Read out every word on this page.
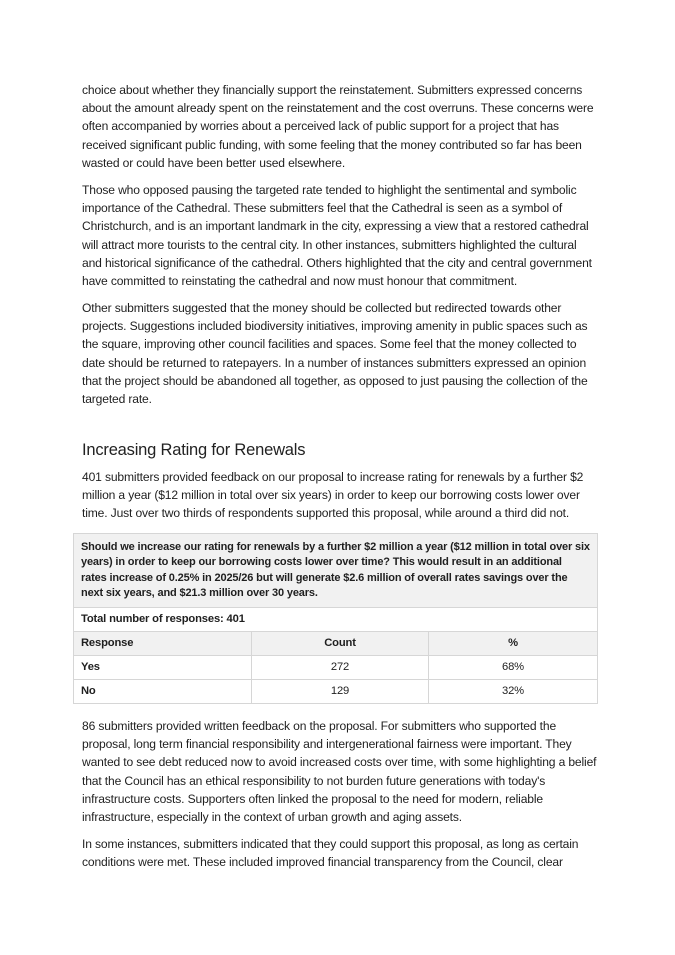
choice about whether they financially support the reinstatement. Submitters expressed concerns about the amount already spent on the reinstatement and the cost overruns. These concerns were often accompanied by worries about a perceived lack of public support for a project that has received significant public funding, with some feeling that the money contributed so far has been wasted or could have been better used elsewhere.

Those who opposed pausing the targeted rate tended to highlight the sentimental and symbolic importance of the Cathedral. These submitters feel that the Cathedral is seen as a symbol of Christchurch, and is an important landmark in the city, expressing a view that a restored cathedral will attract more tourists to the central city. In other instances, submitters highlighted the cultural and historical significance of the cathedral. Others highlighted that the city and central government have committed to reinstating the cathedral and now must honour that commitment.

Other submitters suggested that the money should be collected but redirected towards other projects. Suggestions included biodiversity initiatives, improving amenity in public spaces such as the square, improving other council facilities and spaces. Some feel that the money collected to date should be returned to ratepayers. In a number of instances submitters expressed an opinion that the project should be abandoned all together, as opposed to just pausing the collection of the targeted rate.

Increasing Rating for Renewals

401 submitters provided feedback on our proposal to increase rating for renewals by a further $2 million a year ($12 million in total over six years) in order to keep our borrowing costs lower over time. Just over two thirds of respondents supported this proposal, while around a third did not.

Should we increase our rating for renewals by a further $2 million a year ($12 million in total over six years) in order to keep our borrowing costs lower over time? This would result in an additional rates increase of 0.25% in 2025/26 but will generate $2.6 million of overall rates savings over the next six years, and $21.3 million over 30 years.		
Total number of responses: 401		
Response	Count	%
Yes	272	68%
No	129	32%

86 submitters provided written feedback on the proposal. For submitters who supported the proposal, long term financial responsibility and intergenerational fairness were important. They wanted to see debt reduced now to avoid increased costs over time, with some highlighting a belief that the Council has an ethical responsibility to not burden future generations with today's infrastructure costs. Supporters often linked the proposal to the need for modern, reliable infrastructure, especially in the context of urban growth and aging assets.

In some instances, submitters indicated that they could support this proposal, as long as certain conditions were met. These included improved financial transparency from the Council, clear
